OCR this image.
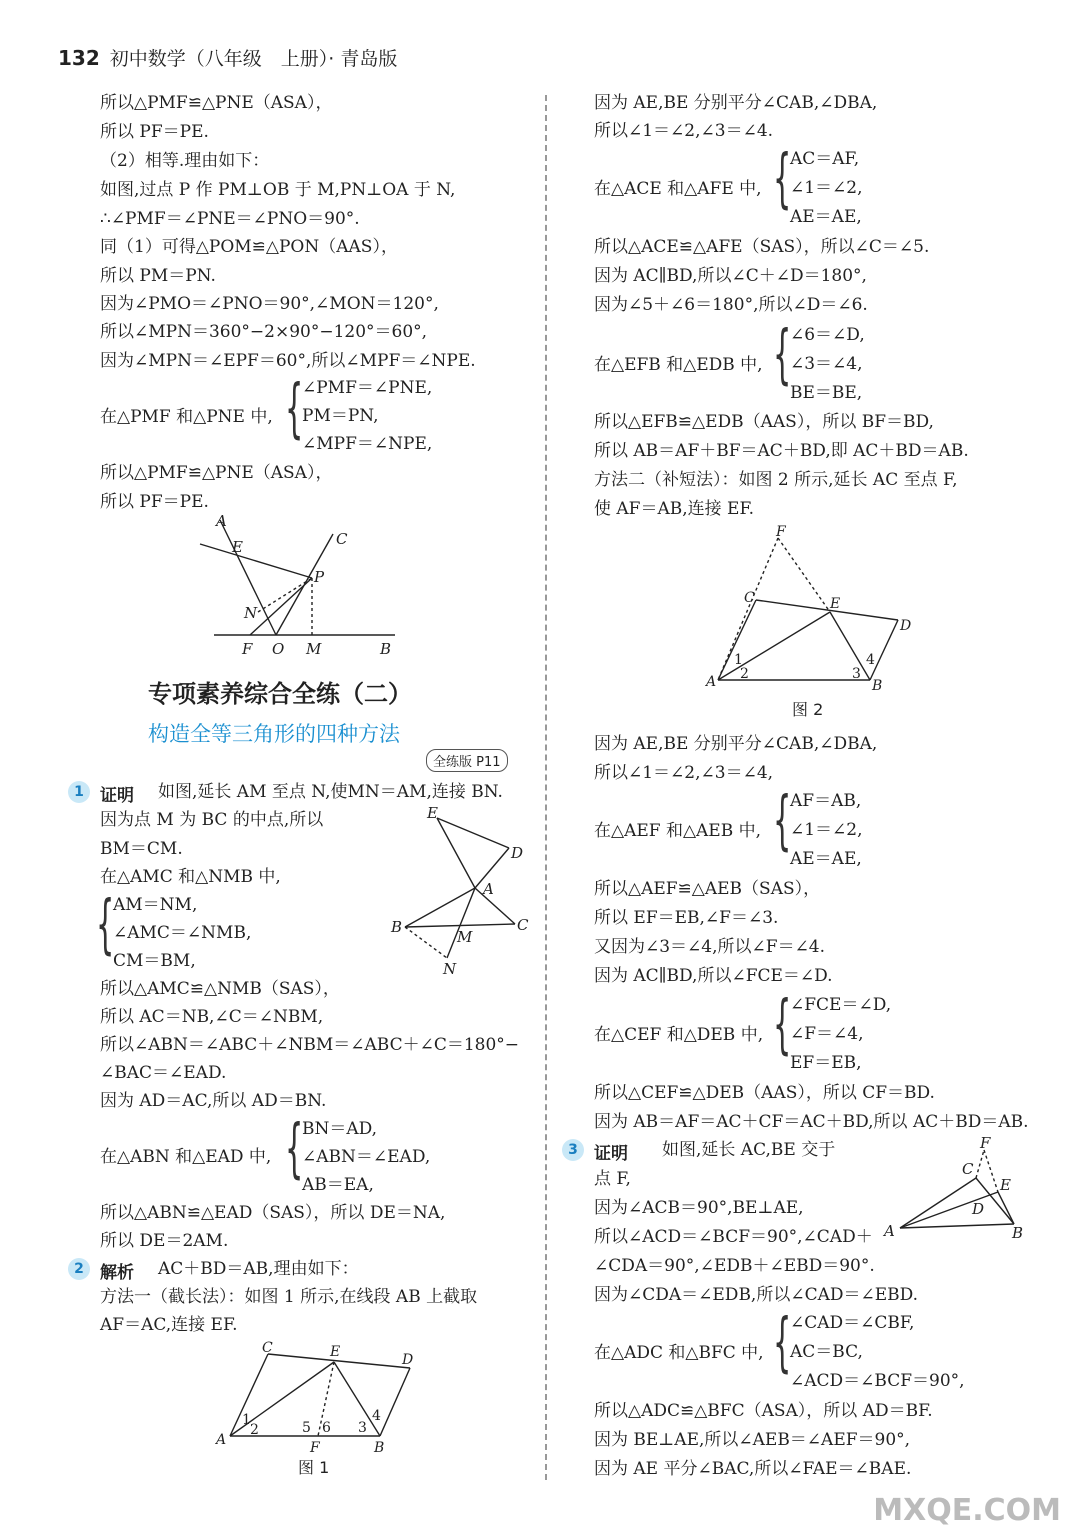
132 初中数学（八年级　上册）· 青岛版
所以△PMF≌△PNE（ASA），
所以 PF＝PE.
（2）相等.理由如下：
如图,过点 P 作 PM⊥OB 于 M,PN⊥OA 于 N,
∴∠PMF＝∠PNE＝∠PNO＝90°.
同（1）可得△POM≌△PON（AAS），
所以 PM＝PN.
因为∠PMO＝∠PNO＝90°,∠MON＝120°,
所以∠MPN＝360°−2×90°−120°＝60°,
因为∠MPN＝∠EPF＝60°,所以∠MPF＝∠NPE.
在△PMF 和△PNE 中, {
∠PMF＝∠PNE,
PM＝PN,
∠MPF＝∠NPE,
所以△PMF≌△PNE（ASA），
所以 PF＝PE.
A
E	C
P
N
F O M	B
专项素养综合全练（二）
构造全等三角形的四种方法
全练版 P11
1 证明 如图,延长 AM 至点 N,使MN＝AM,连接 BN.
因为点 M 为 BC 的中点,所以
BM＝CM.
在△AMC 和△NMB 中,
{
AM＝NM,
∠AMC＝∠NMB,
CM＝BM,
E
D
A
B
M
C
N
所以△AMC≌△NMB（SAS），
所以 AC＝NB,∠C＝∠NBM,
所以∠ABN＝∠ABC＋∠NBM＝∠ABC＋∠C＝180°−
∠BAC＝∠EAD.
因为 AD＝AC,所以 AD＝BN.
在△ABN 和△EAD 中, {
BN＝AD,
∠ABN＝∠EAD,
AB＝EA,
所以△ABN≌△EAD（SAS），所以 DE＝NA,
所以 DE＝2AM.
2 解析 AC＋BD＝AB,理由如下：
方法一（截长法）：如图 1 所示,在线段 AB 上截取
AF＝AC,连接 EF.
C	E	D
1
2	5 6 3
4
A	F	B
图 1
因为 AE,BE 分别平分∠CAB,∠DBA,
所以∠1＝∠2,∠3＝∠4.
在△ACE 和△AFE 中, {
AC＝AF,
∠1＝∠2,
AE＝AE,
所以△ACE≌△AFE（SAS），所以∠C＝∠5.
因为 AC∥BD,所以∠C＋∠D＝180°,
因为∠5＋∠6＝180°,所以∠D＝∠6.
在△EFB 和△EDB 中, {
∠6＝∠D,
∠3＝∠4,
BE＝BE,
所以△EFB≌△EDB（AAS），所以 BF＝BD,
所以 AB＝AF＋BF＝AC＋BD,即 AC＋BD＝AB.
方法二（补短法）：如图 2 所示,延长 AC 至点 F,
使 AF＝AB,连接 EF.
F
C	E
D
1
2	3
4
A	B
图 2
因为 AE,BE 分别平分∠CAB,∠DBA,
所以∠1＝∠2,∠3＝∠4,
在△AEF 和△AEB 中, {
AF＝AB,
∠1＝∠2,
AE＝AE,
所以△AEF≌△AEB（SAS），
所以 EF＝EB,∠F＝∠3.
又因为∠3＝∠4,所以∠F＝∠4.
因为 AC∥BD,所以∠FCE＝∠D.
在△CEF 和△DEB 中, {
∠FCE＝∠D,
∠F＝∠4,
EF＝EB,
所以△CEF≌△DEB（AAS），所以 CF＝BD.
因为 AB＝AF＝AC＋CF＝AC＋BD,所以 AC＋BD＝AB.
3 证明 如图,延长 AC,BE 交于
点 F,
因为∠ACB＝90°,BE⊥AE,
所以∠ACD＝∠BCF＝90°,∠CAD＋
∠CDA＝90°,∠EDB＋∠EBD＝90°.
因为∠CDA＝∠EDB,所以∠CAD＝∠EBD.
F
C
E
D
A	B
在△ADC 和△BFC 中, {
∠CAD＝∠CBF,
AC＝BC,
∠ACD＝∠BCF＝90°,
所以△ADC≌△BFC（ASA），所以 AD＝BF.
因为 BE⊥AE,所以∠AEB＝∠AEF＝90°,
因为 AE 平分∠BAC,所以∠FAE＝∠BAE.
MXQE.COM
